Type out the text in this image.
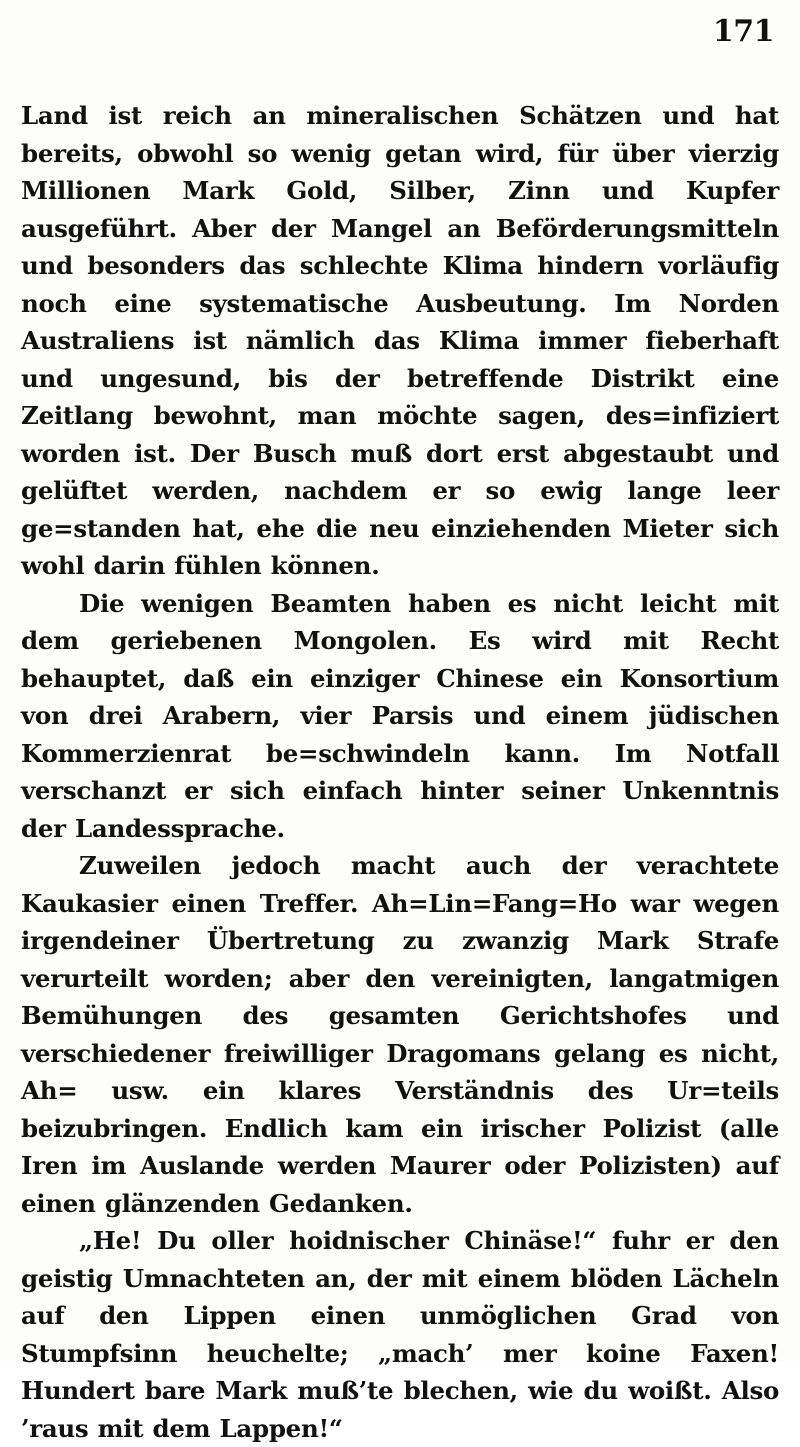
171

Land ist reich an mineralischen Schätzen und hat bereits, obwohl so wenig getan wird, für über vierzig Millionen Mark Gold, Silber, Zinn und Kupfer ausgeführt. Aber der Mangel an Beförderungsmitteln und besonders das schlechte Klima hindern vorläufig noch eine systematische Ausbeutung. Im Norden Australiens ist nämlich das Klima immer fieberhaft und ungesund, bis der betreffende Distrikt eine Zeitlang bewohnt, man möchte sagen, des=infiziert worden ist. Der Busch muß dort erst abgestaubt und gelüftet werden, nachdem er so ewig lange leer ge=standen hat, ehe die neu einziehenden Mieter sich wohl darin fühlen können.

Die wenigen Beamten haben es nicht leicht mit dem geriebenen Mongolen. Es wird mit Recht behauptet, daß ein einziger Chinese ein Konsortium von drei Arabern, vier Parsis und einem jüdischen Kommerzienrat be=schwindeln kann. Im Notfall verschanzt er sich einfach hinter seiner Unkenntnis der Landessprache.

Zuweilen jedoch macht auch der verachtete Kaukasier einen Treffer. Ah=Lin=Fang=Ho war wegen irgendeiner Übertretung zu zwanzig Mark Strafe verurteilt worden; aber den vereinigten, langatmigen Bemühungen des gesamten Gerichtshofes und verschiedener freiwilliger Dragomans gelang es nicht, Ah= usw. ein klares Verständnis des Ur=teils beizubringen. Endlich kam ein irischer Polizist (alle Iren im Auslande werden Maurer oder Polizisten) auf einen glänzenden Gedanken.

„He! Du oller hoidnischer Chinäse!“ fuhr er den geistig Umnachteten an, der mit einem blöden Lächeln auf den Lippen einen unmöglichen Grad von Stumpfsinn heuchelte; „mach’ mer koine Faxen! Hundert bare Mark muß’te blechen, wie du woißt. Also ’raus mit dem Lappen!“
